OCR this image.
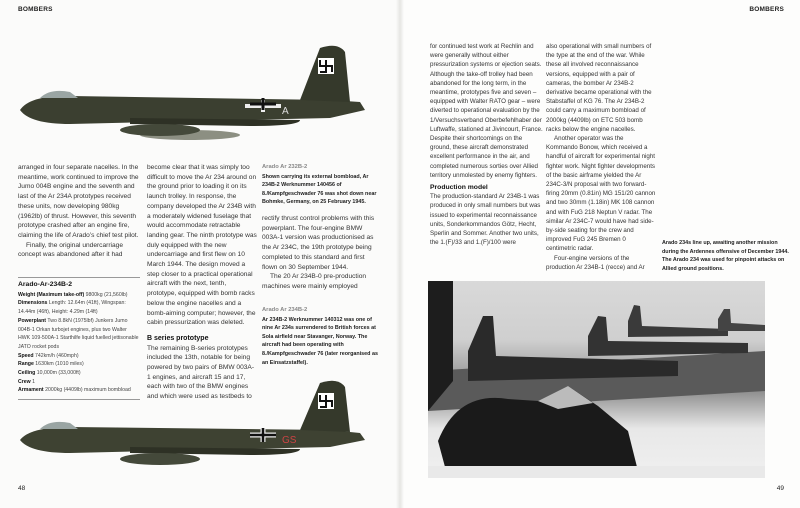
BOMBERS
A

arranged in four separate nacelles. In the meantime, work continued to improve the Jumo 004B engine and the seventh and last of the Ar 234A prototypes received these units, now developing 980kg (1962lb) of thrust. However, this seventh prototype crashed after an engine fire, claiming the life of Arado’s chief test pilot.

Finally, the original undercarriage concept was abandoned after it had

Arado-Ar-234B-2
Weight (Maximum take-off) 9800kg (21,560lb)
Dimensions Length: 12.64m (41ft), Wingspan: 14.44m (46ft), Height: 4.29m (14ft)
Powerplant Two 8.8kN (1975lbf) Junkers Jumo 004B-1 Orkan turbojet engines, plus two Walter HWK 109-500A-1 Starthilfe liquid fuelled jettisonable JATO rocket pods
Speed 742km/h (460mph)
Range 1630km (1010 miles)
Ceiling 10,000m (33,000ft)
Crew 1
Armament 2000kg (4409lb) maximum bombload

become clear that it was simply too difficult to move the Ar 234 around on the ground prior to loading it on its launch trolley. In response, the company developed the Ar 234B with a moderately widened fuselage that would accommodate retractable landing gear. The ninth prototype was duly equipped with the new undercarriage and first flew on 10 March 1944. The design moved a step closer to a practical operational aircraft with the next, tenth, prototype, equipped with bomb racks below the engine nacelles and a bomb-aiming computer; however, the cabin pressurization was deleted.

B series prototype

The remaining B-series prototypes included the 13th, notable for being powered by two pairs of BMW 003A-1 engines, and aircraft 15 and 17, each with two of the BMW engines and which were used as testbeds to

Arado Ar 232B-2
Shown carrying its external bombload, Ar 234B-2 Werknummer 140456 of 8./Kampfgeschwader 76 was shot down near Bohmke, Germany, on 25 February 1945.

rectify thrust control problems with this powerplant. The four-engine BMW 003A-1 version was productionised as the Ar 234C, the 19th prototype being completed to this standard and first flown on 30 September 1944.

The 20 Ar 234B-0 pre-production machines were mainly employed

Arado Ar 234B-2
Ar 234B-2 Werknummer 140312 was one of nine Ar 234s surrendered to British forces at Sola airfield near Stavanger, Norway. The aircraft had been operating with 8./Kampfgeschwader 76 (later reorganised as an Einsatzstaffel).
GS
48
BOMBERS

for continued test work at Rechlin and were generally without either pressurization systems or ejection seats. Although the take-off trolley had been abandoned for the long term, in the meantime, prototypes five and seven – equipped with Walter RATO gear – were diverted to operational evaluation by the 1/Versuchsverband Oberbefehlhaber der Luftwaffe, stationed at Jivincourt, France. Despite their shortcomings on the ground, these aircraft demonstrated excellent performance in the air, and completed numerous sorties over Allied territory unmolested by enemy fighters.

Production model

The production-standard Ar 234B-1 was produced in only small numbers but was issued to experimental reconnaissance units, Sonderkommandos Götz, Hecht, Sperlin and Sommer. Another two units, the 1.(F)/33 and 1.(F)/100 were

also operational with small numbers of the type at the end of the war. While these all involved reconnaissance versions, equipped with a pair of cameras, the bomber Ar 234B-2 derivative became operational with the Stabstaffel of KG 76. The Ar 234B-2 could carry a maximum bombload of 2000kg (4409lb) on ETC 503 bomb racks below the engine nacelles.

Another operator was the Kommando Bonow, which received a handful of aircraft for experimental night fighter work. Night fighter developments of the basic airframe yielded the Ar 234C-3/N proposal with two forward-firing 20mm (0.81in) MG 151/20 cannon and two 30mm (1.18in) MK 108 cannon and with FuG 218 Neptun V radar. The similar Ar 234C-7 would have had side-by-side seating for the crew and improved FuG 245 Bremen 0 centimetric radar.

Four-engine versions of the production Ar 234B-1 (recce) and Ar

Arado 234s line up, awaiting another mission during the Ardennes offensive of December 1944. The Arado 234 was used for pinpoint attacks on Allied ground positions.
49
